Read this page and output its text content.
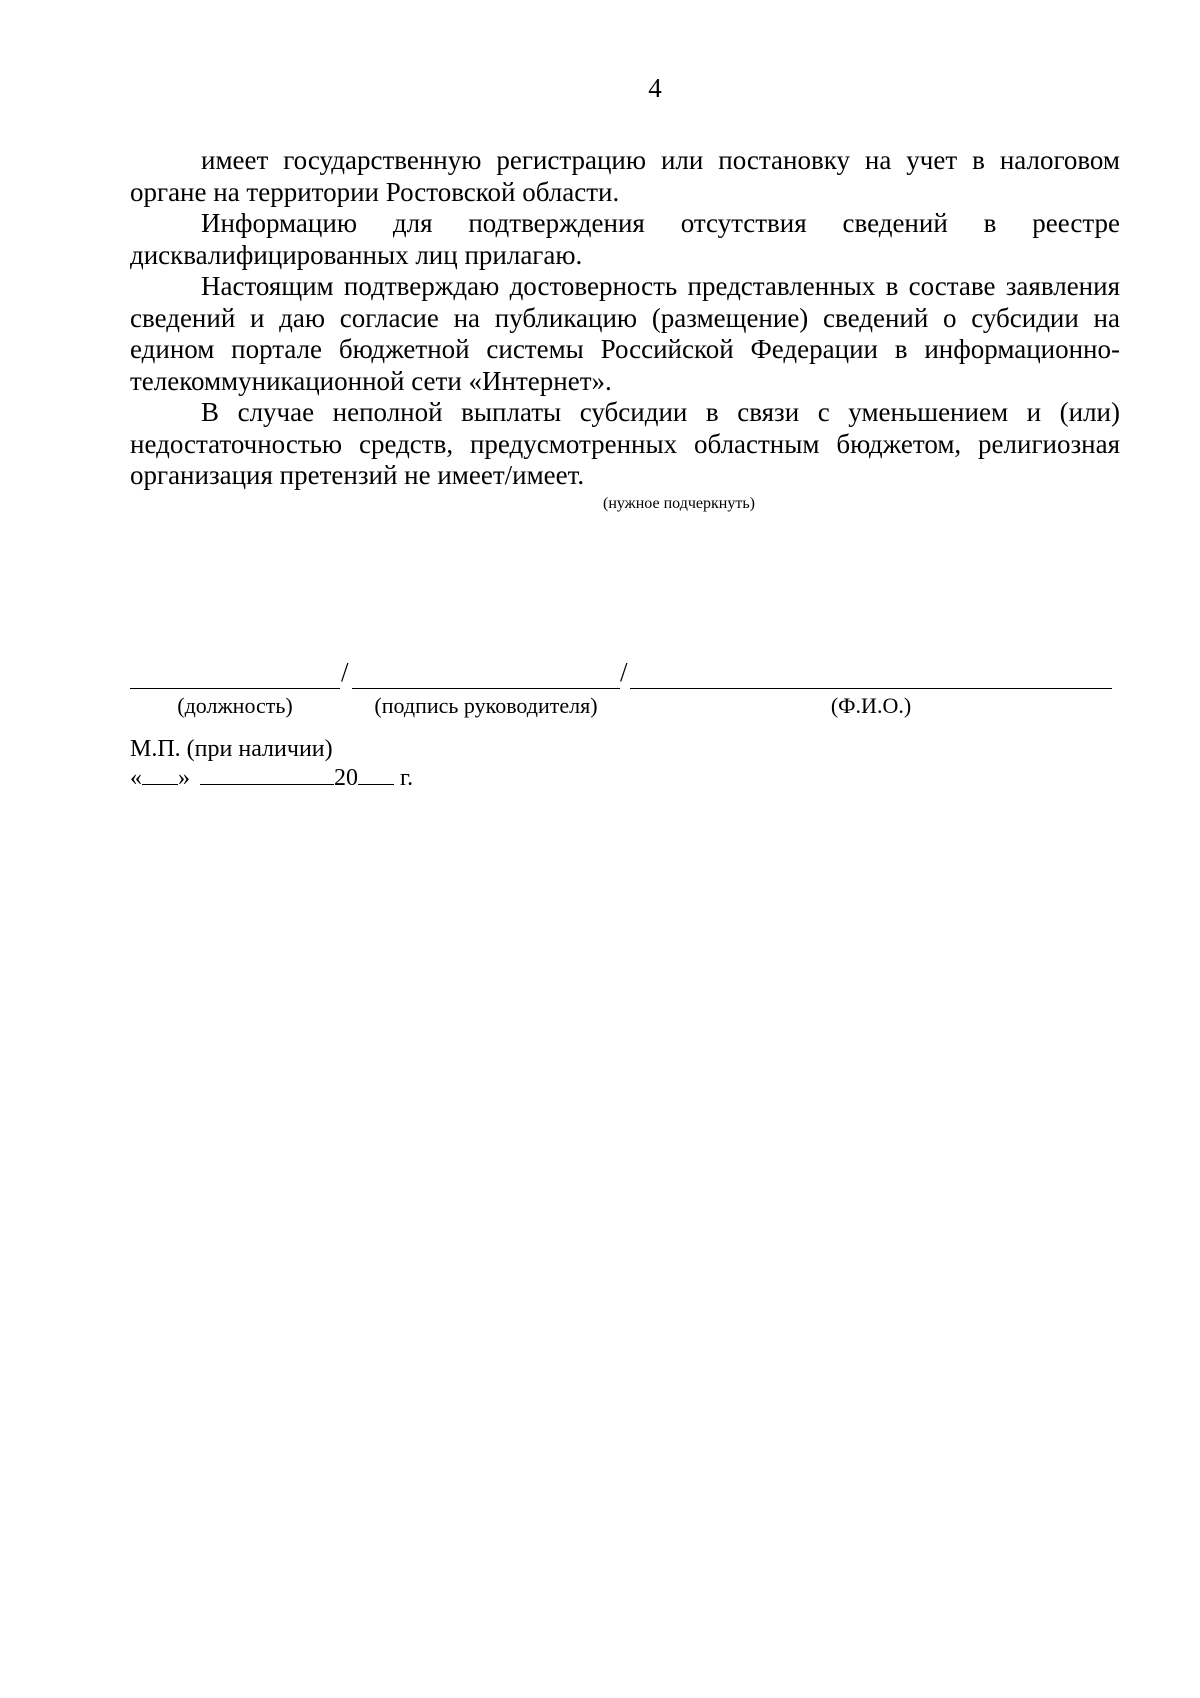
4

имеет государственную регистрацию или постановку на учет в налоговом органе на территории Ростовской области.

Информацию для подтверждения отсутствия сведений в реестре дисквалифицированных лиц прилагаю.

Настоящим подтверждаю достоверность представленных в составе заявления сведений и даю согласие на публикацию (размещение) сведений о субсидии на едином портале бюджетной системы Российской Федерации в информационно-телекоммуникационной сети «Интернет».

В случае неполной выплаты субсидии в связи с уменьшением и (или) недостаточностью средств, предусмотренных областным бюджетом, религиозная организация претензий не имеет/имеет.

(нужное подчеркнуть)
/	/
(должность)	(подпись руководителя)	(Ф.И.О.)
М.П. (при наличии)
« »	20 г.
